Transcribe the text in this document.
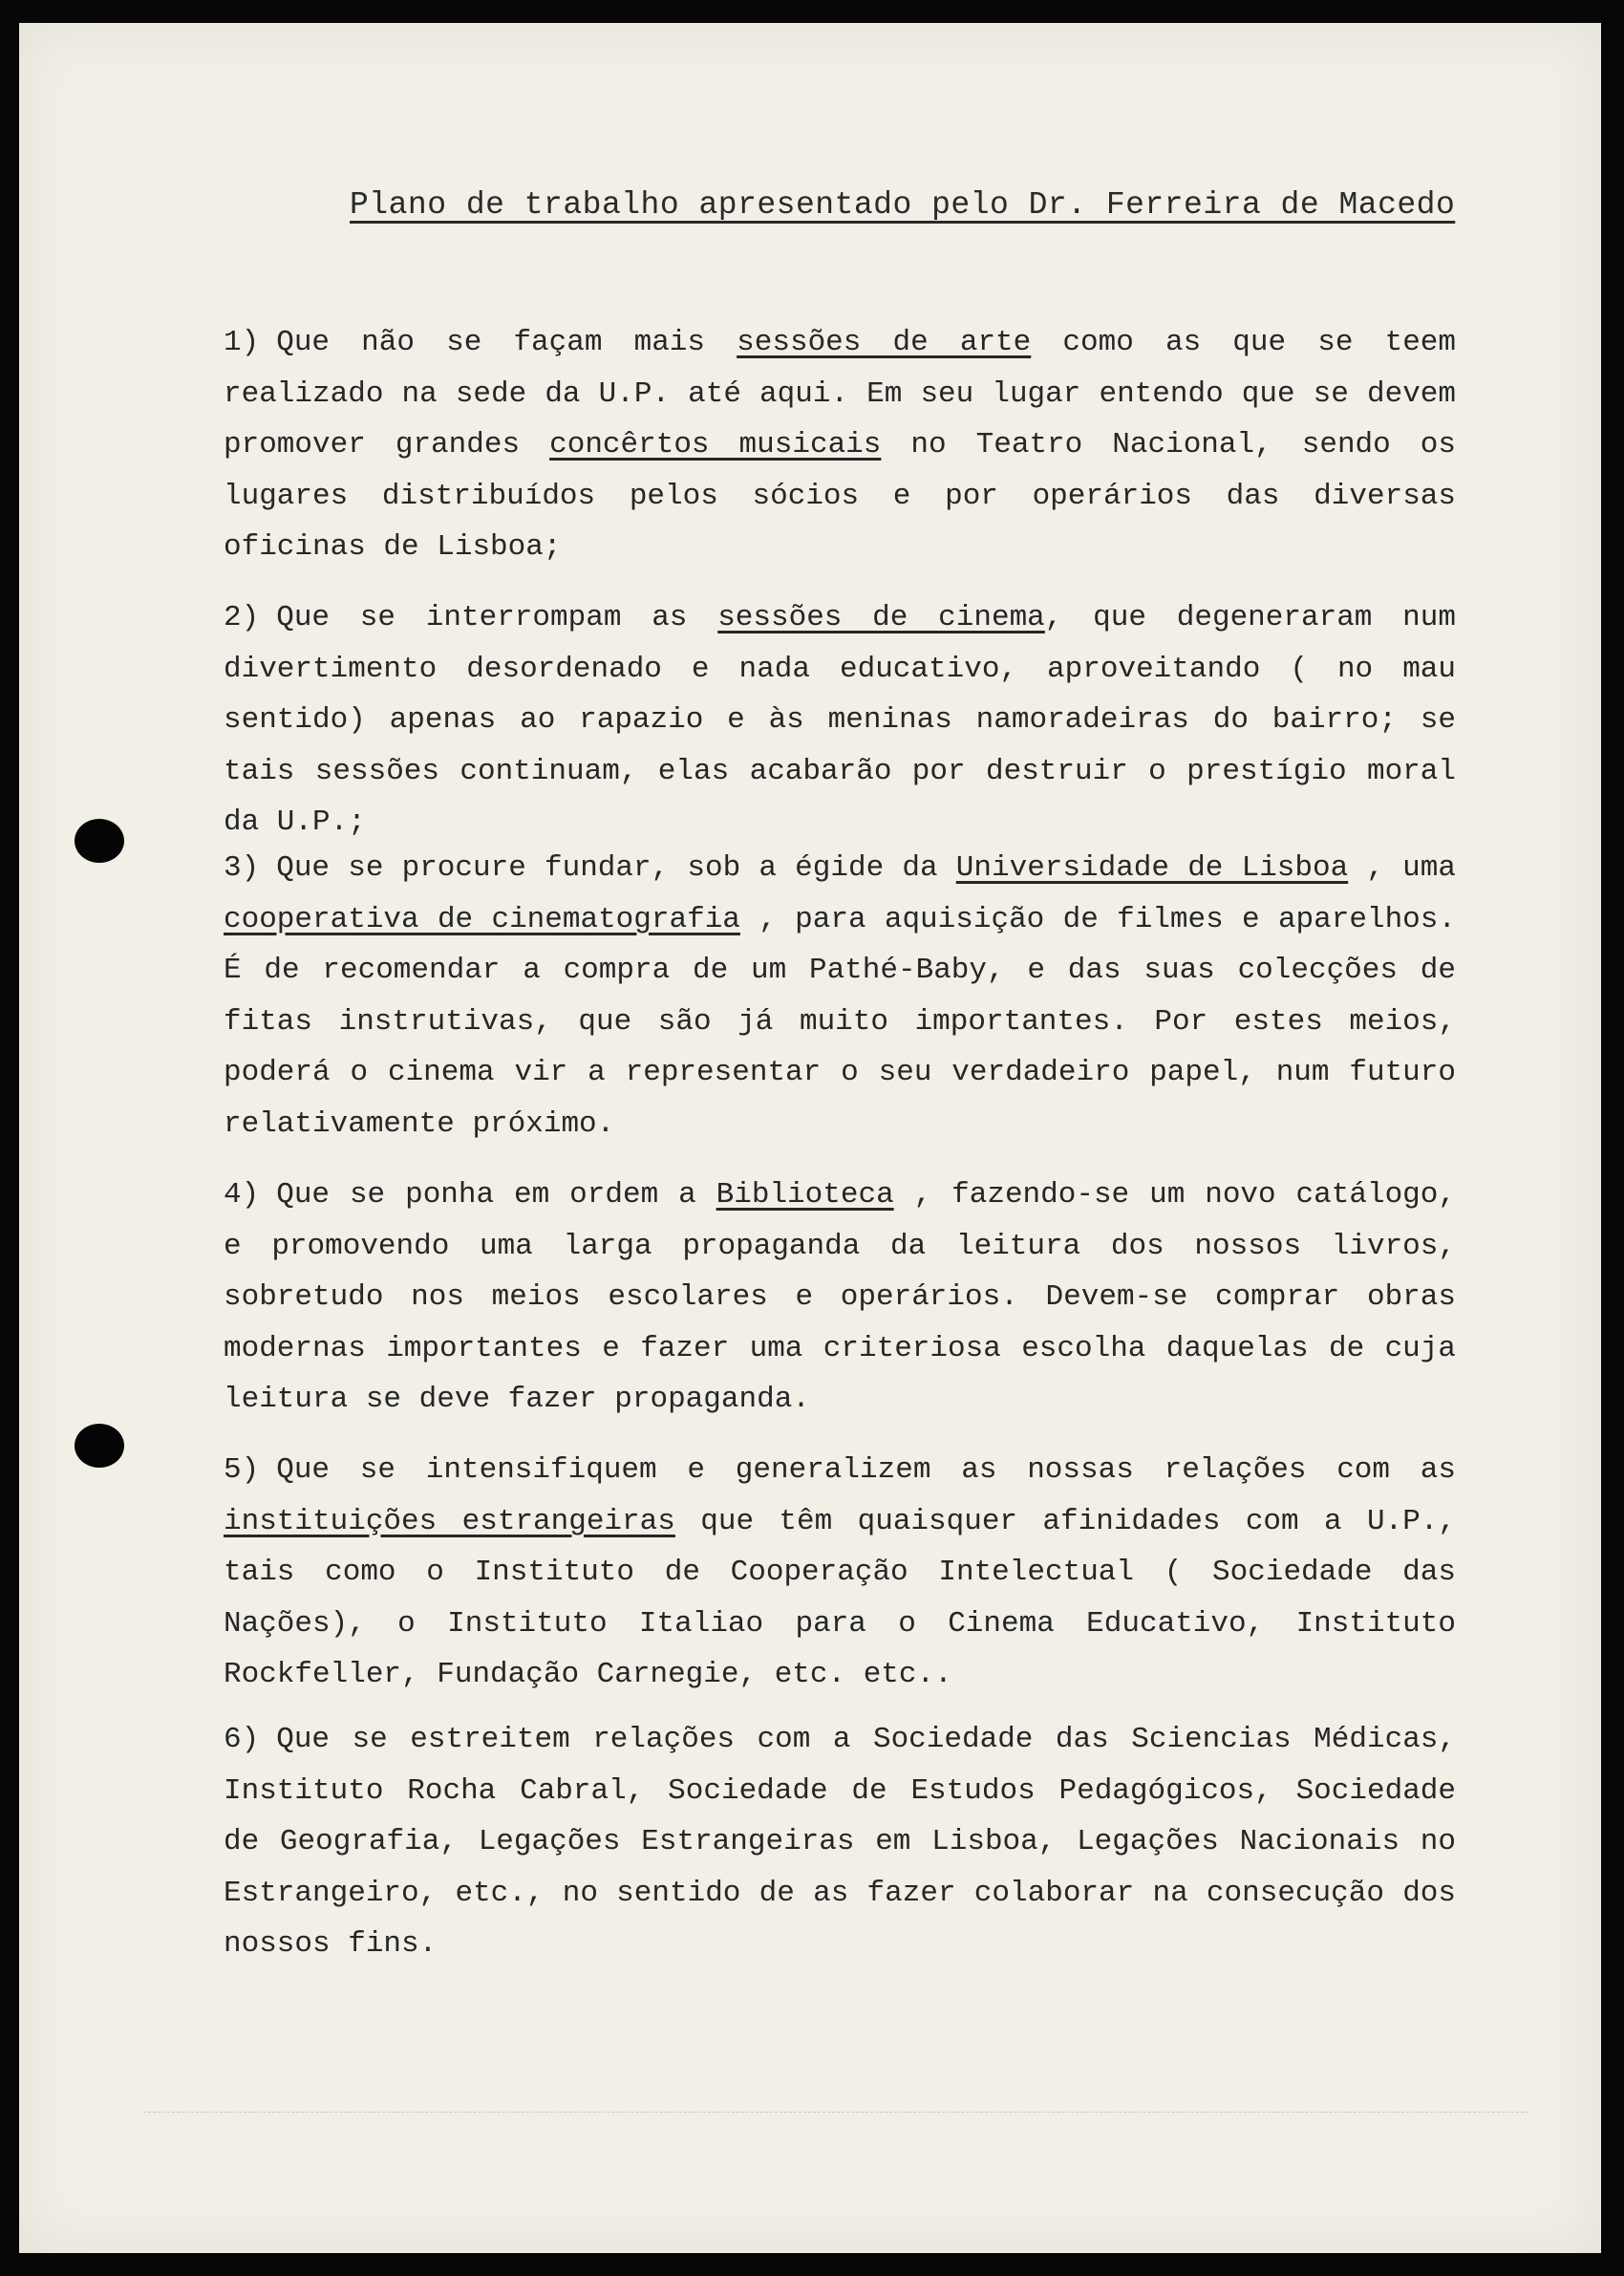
Plano de trabalho apresentado pelo Dr. Ferreira de Macedo
1) Que não se façam mais sessões de arte como as que se teem realizado na sede da U.P. até aqui. Em seu lugar entendo que se devem promover grandes concêrtos musicais no Teatro Nacional, sendo os lugares distribuídos pelos sócios e por operários das diversas oficinas de Lisboa;
2) Que se interrompam as sessões de cinema, que degeneraram num divertimento desordenado e nada educativo, aproveitando ( no mau sentido) apenas ao rapazio e às meninas namoradeiras do bairro; se tais sessões continuam, elas acabarão por destruir o prestígio moral da U.P.;
3) Que se procure fundar, sob a égide da Universidade de Lisboa , uma cooperativa de cinematografia , para aquisição de filmes e aparelhos. É de recomendar a compra de um Pathé-Baby, e das suas colecções de fitas instrutivas, que são já muito importantes. Por estes meios, poderá o cinema vir a representar o seu verdadeiro papel, num futuro relativamente próximo.
4) Que se ponha em ordem a Biblioteca , fazendo-se um novo catálogo, e promovendo uma larga propaganda da leitura dos nossos livros, sobretudo nos meios escolares e operários. Devem-se comprar obras modernas importantes e fazer uma criteriosa escolha daquelas de cuja leitura se deve fazer propaganda.
5) Que se intensifiquem e generalizem as nossas relações com as instituições estrangeiras que têm quaisquer afinidades com a U.P., tais como o Instituto de Cooperação Intelectual ( Sociedade das Nações), o Instituto Italiao para o Cinema Educativo, Instituto Rockfeller, Fundação Carnegie, etc. etc..
6) Que se estreitem relações com a Sociedade das Sciencias Médicas, Instituto Rocha Cabral, Sociedade de Estudos Pedagógicos, Sociedade de Geografia, Legações Estrangeiras em Lisboa, Legações Nacionais no Estrangeiro, etc., no sentido de as fazer colaborar na consecução dos nossos fins.
